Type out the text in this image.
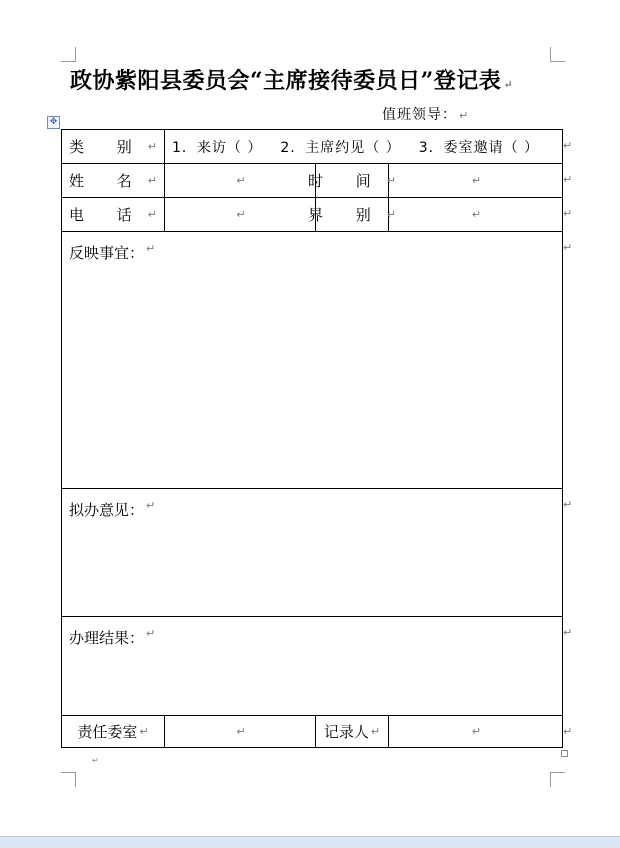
政协紫阳县委员会“主席接待委员日”登记表 ↵
值班领导： ↵
✥
类 别 ↵ 1．来访（ ） 2．主席约见（ ） 3．委室邀请（ ）
姓 名 ↵	↵	时 间 ↵	↵
电 话 ↵	↵	界 别 ↵	↵
反映事宜： ↵
拟办意见： ↵
办理结果： ↵
责任委室 ↵	↵	记录人 ↵	↵
↵
↵
↵
↵
↵
↵
↵
↵
